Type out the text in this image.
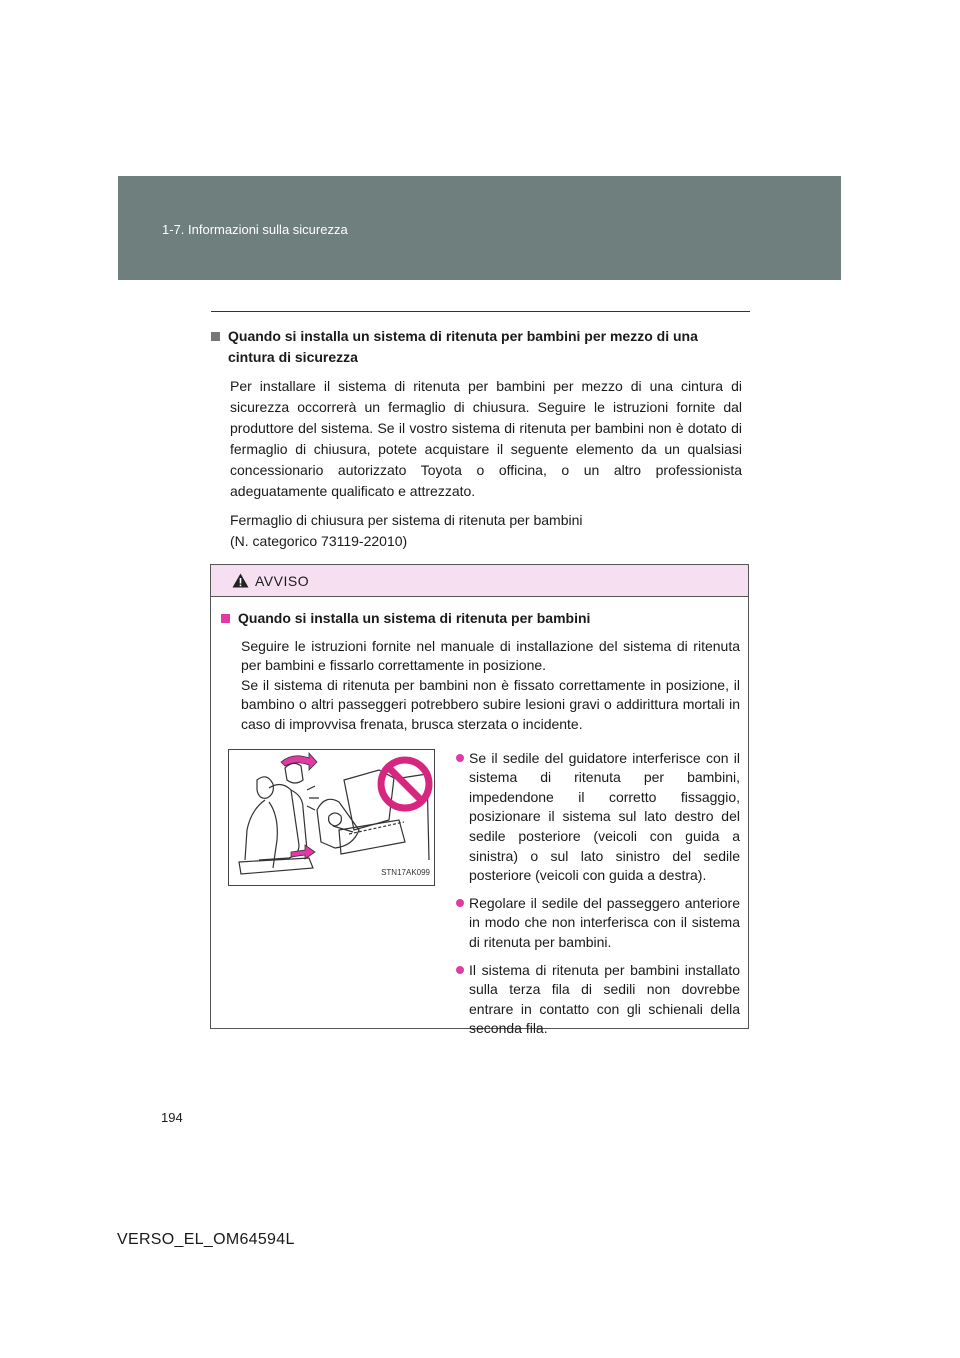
1-7. Informazioni sulla sicurezza
Quando si installa un sistema di ritenuta per bambini per mezzo di una cintura di sicurezza
Per installare il sistema di ritenuta per bambini per mezzo di una cintura di sicurezza occorrerà un fermaglio di chiusura. Seguire le istruzioni fornite dal produttore del sistema. Se il vostro sistema di ritenuta per bambini non è dotato di fermaglio di chiusura, potete acquistare il seguente elemento da un qualsiasi concessionario autorizzato Toyota o officina, o un altro professionista adeguatamente qualificato e attrezzato.
Fermaglio di chiusura per sistema di ritenuta per bambini
(N. categorico 73119-22010)
AVVISO
Quando si installa un sistema di ritenuta per bambini
Seguire le istruzioni fornite nel manuale di installazione del sistema di ritenuta per bambini e fissarlo correttamente in posizione.
Se il sistema di ritenuta per bambini non è fissato correttamente in posizione, il bambino o altri passeggeri potrebbero subire lesioni gravi o addirittura mortali in caso di improvvisa frenata, brusca sterzata o incidente.
STN17AK099
Se il sedile del guidatore interferisce con il sistema di ritenuta per bambini, impedendone il corretto fissaggio, posizionare il sistema sul lato destro del sedile posteriore (veicoli con guida a sinistra) o sul lato sinistro del sedile posteriore (veicoli con guida a destra).
Regolare il sedile del passeggero anteriore in modo che non interferisca con il sistema di ritenuta per bambini.
Il sistema di ritenuta per bambini installato sulla terza fila di sedili non dovrebbe entrare in contatto con gli schienali della seconda fila.
194
VERSO_EL_OM64594L
